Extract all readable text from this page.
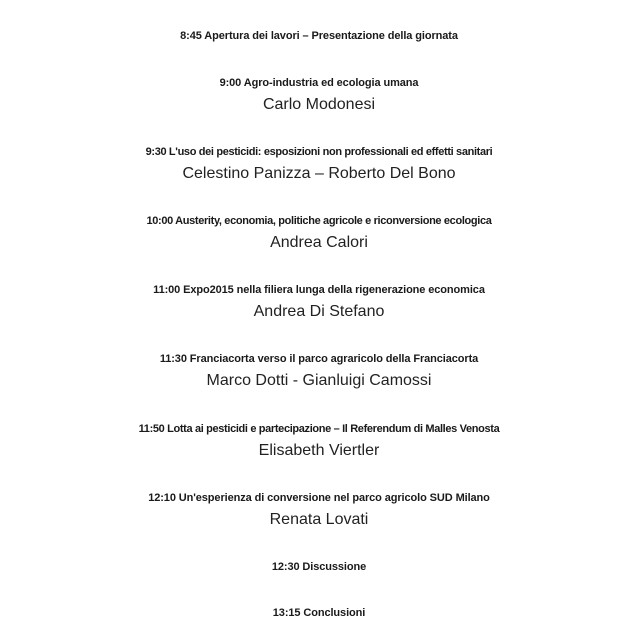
8:45 Apertura dei lavori – Presentazione della giornata
9:00 Agro-industria ed ecologia umana
Carlo Modonesi
9:30 L'uso dei pesticidi: esposizioni non professionali ed effetti sanitari
Celestino Panizza – Roberto Del Bono
10:00 Austerity, economia, politiche agricole e riconversione ecologica
Andrea Calori
11:00 Expo2015 nella filiera lunga della rigenerazione economica
Andrea Di Stefano
11:30 Franciacorta verso il parco agraricolo della Franciacorta
Marco Dotti - Gianluigi Camossi
11:50 Lotta ai pesticidi e partecipazione – Il Referendum di Malles Venosta
Elisabeth Viertler
12:10 Un'esperienza di conversione nel parco agricolo SUD Milano
Renata Lovati
12:30 Discussione
13:15 Conclusioni
